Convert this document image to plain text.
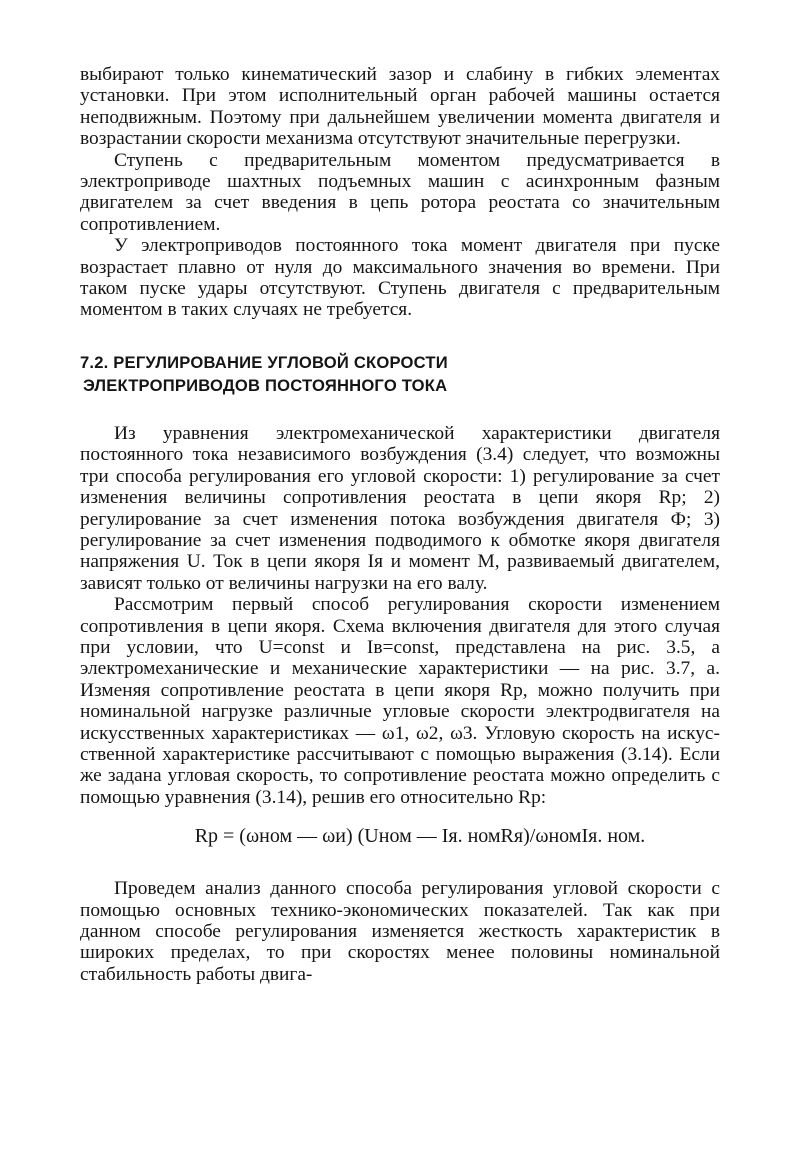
выбирают только кинематический зазор и слабину в гибких элементах установки. При этом исполнительный орган рабочей машины остается неподвижным. Поэтому при дальнейшем увеличении момента двигателя и возрастании скорости механизма отсутствуют значительные перегрузки.

Ступень с предварительным моментом предусматривается в электроприводе шахтных подъемных машин с асинхронным фазным двигателем за счет введения в цепь ротора реостата со значительным сопротивлением.

У электроприводов постоянного тока момент двигателя при пуске возрастает плавно от нуля до максимального значения во времени. При таком пуске удары отсутствуют. Ступень двигателя с предварительным моментом в таких случаях не требуется.

7.2. РЕГУЛИРОВАНИЕ УГЛОВОЙ СКОРОСТИ
ЭЛЕКТРОПРИВОДОВ ПОСТОЯННОГО ТОКА

Из уравнения электромеханической характеристики двигателя постоянного тока независимого возбуждения (3.4) следует, что возможны три способа регулирования его угловой скорости: 1) регулирование за счет изменения величины сопротивления реостата в цепи якоря Rр; 2) регулирование за счет изменения потока возбуждения двигателя Ф; 3) регулирование за счет изменения подводимого к обмотке якоря двигателя напряжения U. Ток в цепи якоря Iя и момент M, развиваемый двигателем, зависят только от величины нагрузки на его валу.

Рассмотрим первый способ регулирования скорости изменением сопротивления в цепи якоря. Схема включения двигателя для этого случая при условии, что U=const и Iв=const, представлена на рис. 3.5, а электромеханические и механические характеристики — на рис. 3.7, а. Изменяя сопротивление реостата в цепи якоря Rр, можно получить при номинальной нагрузке различные угловые скорости электродвигателя на искусственных характеристиках — ω1, ω2, ω3. Угловую скорость на искусственной характеристике рассчитывают с помощью выражения (3.14). Если же задана угловая скорость, то сопротивление реостата можно определить с помощью уравнения (3.14), решив его относительно Rр:

Rр = (ωном — ωи) (Uном — Iя. номRя)/ωномIя. ном.

Проведем анализ данного способа регулирования угловой скорости с помощью основных технико-экономических показателей. Так как при данном способе регулирования изменяется жесткость характеристик в широких пределах, то при скоростях менее половины номинальной стабильность работы двига-
